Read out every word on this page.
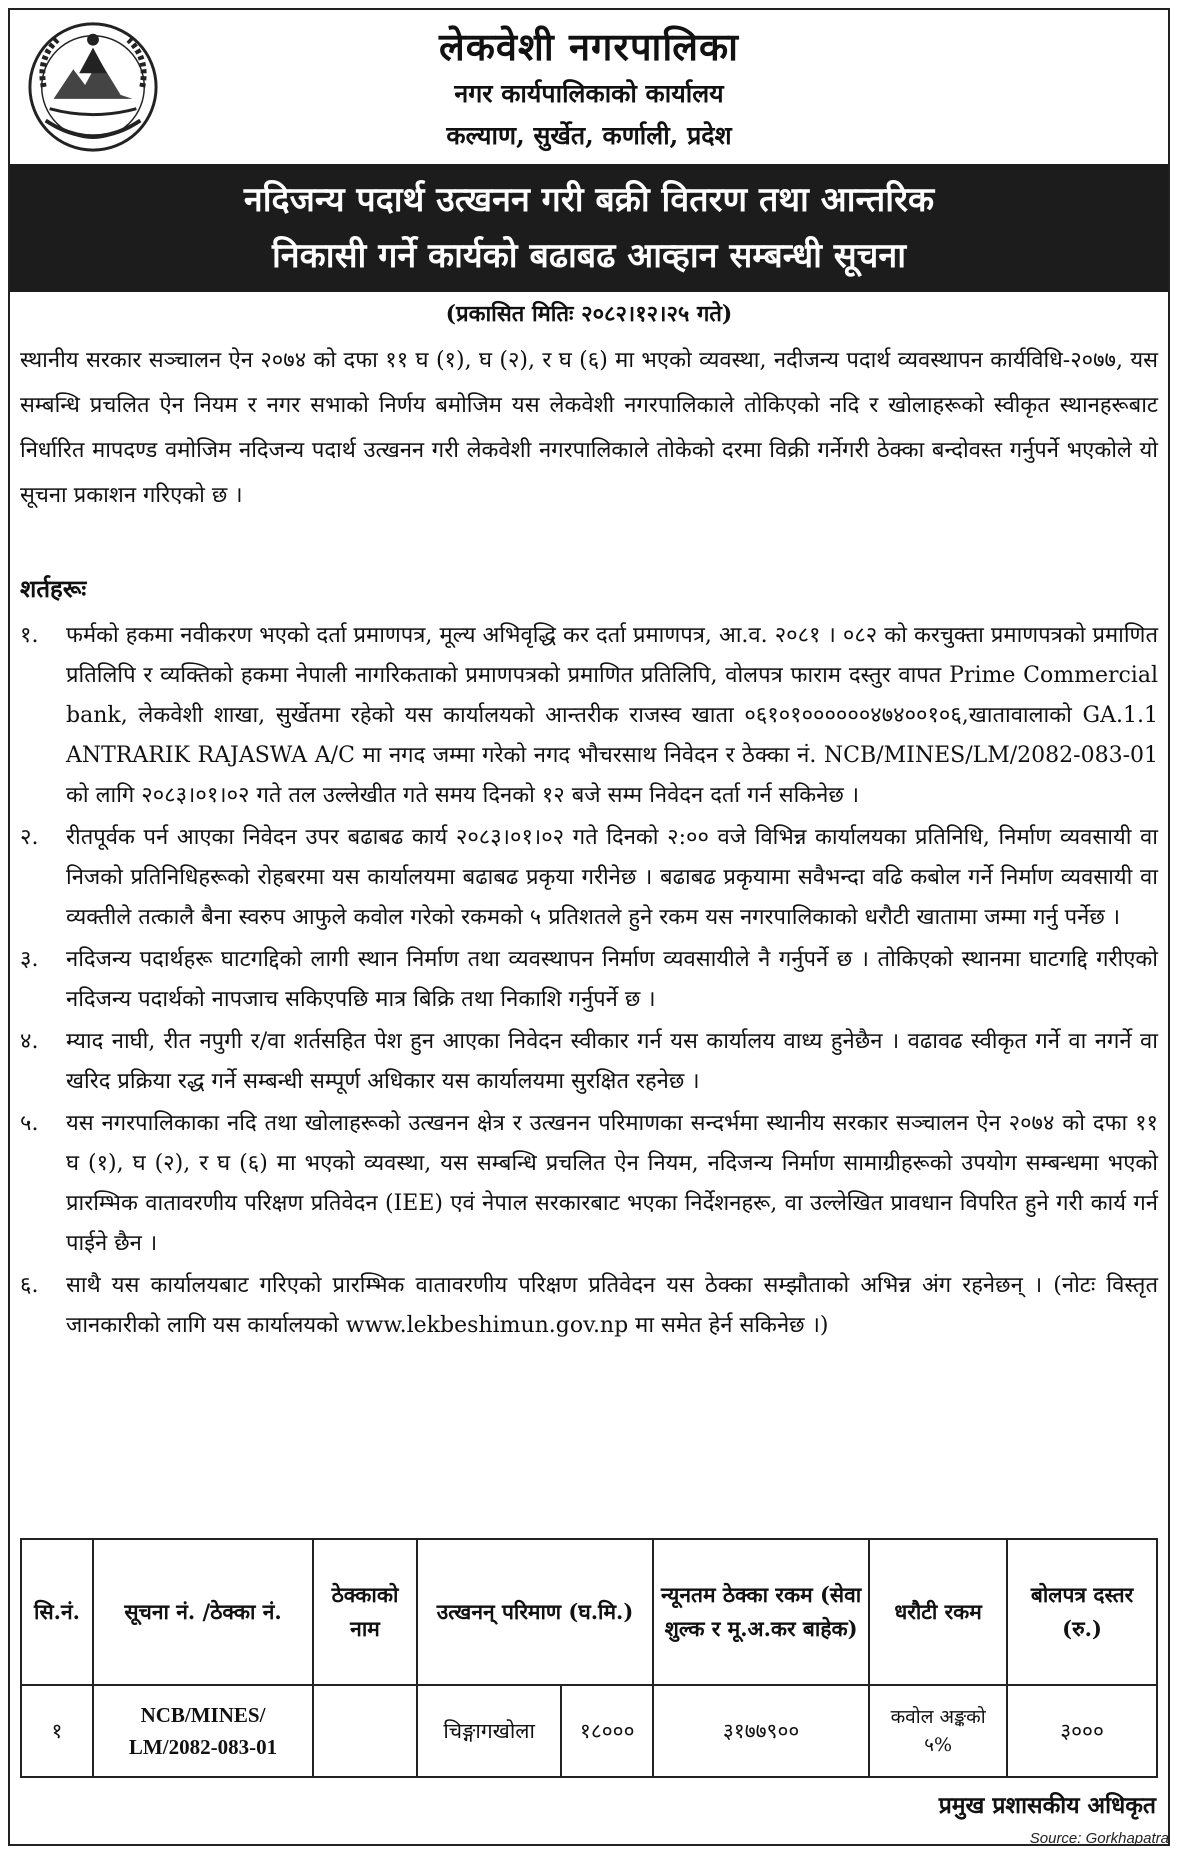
लेकवेशी नगरपालिका
नगर कार्यपालिकाको कार्यालय
कल्याण, सुर्खेत, कर्णाली, प्रदेश
नदिजन्य पदार्थ उत्खनन गरी बक्री वितरण तथा आन्तरिक
निकासी गर्ने कार्यको बढाबढ आव्हान सम्बन्धी सूचना
(प्रकासित मितिः २०८२।१२।२५ गते)
स्थानीय सरकार सञ्चालन ऐन २०७४ को दफा ११ घ (१), घ (२), र घ (६) मा भएको व्यवस्था, नदीजन्य पदार्थ व्यवस्थापन कार्यविधि-२०७७, यस सम्बन्धि प्रचलित ऐन नियम र नगर सभाको निर्णय बमोजिम यस लेकवेशी नगरपालिकाले तोकिएको नदि र खोलाहरूको स्वीकृत स्थानहरूबाट निर्धारित मापदण्ड वमोजिम नदिजन्य पदार्थ उत्खनन गरी लेकवेशी नगरपालिकाले तोकेको दरमा विक्री गर्नेगरी ठेक्का बन्दोवस्त गर्नुपर्ने भएकोले यो सूचना प्रकाशन गरिएको छ ।
शर्तहरूः
१. फर्मको हकमा नवीकरण भएको दर्ता प्रमाणपत्र, मूल्य अभिवृद्धि कर दर्ता प्रमाणपत्र, आ.व. २०८१ । ०८२ को करचुक्ता प्रमाणपत्रको प्रमाणित प्रतिलिपि र व्यक्तिको हकमा नेपाली नागरिकताको प्रमाणपत्रको प्रमाणित प्रतिलिपि, वोलपत्र फाराम दस्तुर वापत Prime Commercial bank, लेकवेशी शाखा, सुर्खेतमा रहेको यस कार्यालयको आन्तरीक राजस्व खाता ०६१०१००००००४७४००१०६,खातावालाको GA.1.1 ANTRARIK RAJASWA A/C मा नगद जम्मा गरेको नगद भौचरसाथ निवेदन र ठेक्का नं. NCB/MINES/LM/2082-083-01 को लागि २०८३।०१।०२ गते तल उल्लेखीत गते समय दिनको १२ बजे सम्म निवेदन दर्ता गर्न सकिनेछ ।
२. रीतपूर्वक पर्न आएका निवेदन उपर बढाबढ कार्य २०८३।०१।०२ गते दिनको २:०० वजे विभिन्न कार्यालयका प्रतिनिधि, निर्माण व्यवसायी वा निजको प्रतिनिधिहरूको रोहबरमा यस कार्यालयमा बढाबढ प्रकृया गरीनेछ । बढाबढ प्रकृयामा सवैभन्दा वढि कबोल गर्ने निर्माण व्यवसायी वा व्यक्तीले तत्कालै बैना स्वरुप आफुले कवोल गरेको रकमको ५ प्रतिशतले हुने रकम यस नगरपालिकाको धरौटी खातामा जम्मा गर्नु पर्नेछ ।
३. नदिजन्य पदार्थहरू घाटगद्दिको लागी स्थान निर्माण तथा व्यवस्थापन निर्माण व्यवसायीले नै गर्नुपर्ने छ । तोकिएको स्थानमा घाटगद्दि गरीएको नदिजन्य पदार्थको नापजाच सकिएपछि मात्र बिक्रि तथा निकाशि गर्नुपर्ने छ ।
४. म्याद नाघी, रीत नपुगी र/वा शर्तसहित पेश हुन आएका निवेदन स्वीकार गर्न यस कार्यालय वाध्य हुनेछैन । वढावढ स्वीकृत गर्ने वा नगर्ने वा खरिद प्रक्रिया रद्ध गर्ने सम्बन्धी सम्पूर्ण अधिकार यस कार्यालयमा सुरक्षित रहनेछ ।
५. यस नगरपालिकाका नदि तथा खोलाहरूको उत्खनन क्षेत्र र उत्खनन परिमाणका सन्दर्भमा स्थानीय सरकार सञ्चालन ऐन २०७४ को दफा ११ घ (१), घ (२), र घ (६) मा भएको व्यवस्था, यस सम्बन्धि प्रचलित ऐन नियम, नदिजन्य निर्माण सामाग्रीहरूको उपयोग सम्बन्धमा भएको प्रारम्भिक वातावरणीय परिक्षण प्रतिवेदन (IEE) एवं नेपाल सरकारबाट भएका निर्देशनहरू, वा उल्लेखित प्रावधान विपरित हुने गरी कार्य गर्न पाईने छैन ।
६. साथै यस कार्यालयबाट गरिएको प्रारम्भिक वातावरणीय परिक्षण प्रतिवेदन यस ठेक्का सम्झौताको अभिन्न अंग रहनेछन् । (नोटः विस्तृत जानकारीको लागि यस कार्यालयको www.lekbeshimun.gov.np मा समेत हेर्न सकिनेछ ।)
सि.नं.	सूचना नं. /ठेक्का नं.	ठेक्काको नाम	उत्खनन् परिमाण (घ.मि.)		न्यूनतम ठेक्का रकम (सेवा शुल्क र मू.अ.कर बाहेक)	धरौटी रकम	बोलपत्र दस्तर (रु.)
१	NCB/MINES/ LM/2082-083-01		चिङ्गागखोला	१८०००	३१७७९००	कवोल अङ्कको ५%	३०००
प्रमुख प्रशासकीय अधिकृत
Source: Gorkhapatra
